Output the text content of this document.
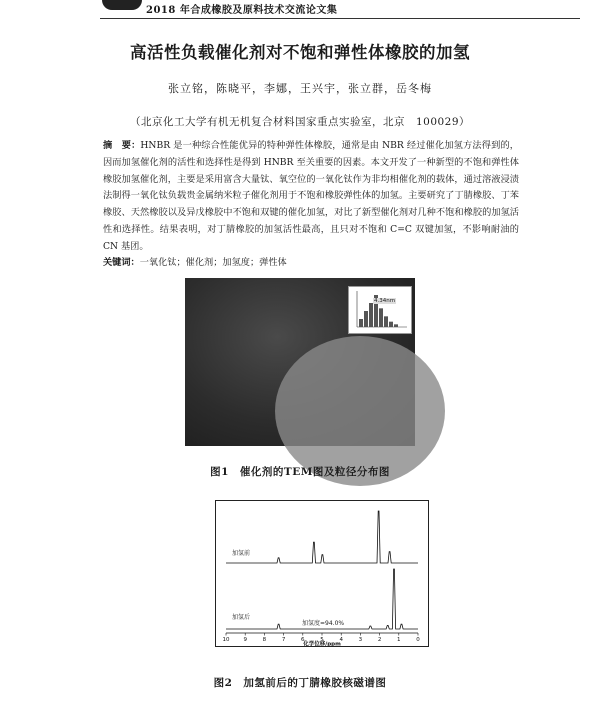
2018 年合成橡胶及原料技术交流论文集
高活性负载催化剂对不饱和弹性体橡胶的加氢
张立铭，陈晓平，李娜，王兴宇，张立群，岳冬梅
（北京化工大学有机无机复合材料国家重点实验室，北京　100029）
摘　要：HNBR 是一种综合性能优异的特种弹性体橡胶，通常是由 NBR 经过催化加氢方法得到的，因而加氢催化剂的活性和选择性是得到 HNBR 至关重要的因素。本文开发了一种新型的不饱和弹性体橡胶加氢催化剂，主要是采用富含大量钛、氧空位的一氧化钛作为非均相催化剂的载体，通过溶液浸渍法制得一氧化钛负载贵金属纳米粒子催化剂用于不饱和橡胶弹性体的加氢。主要研究了丁腈橡胶、丁苯橡胶、天然橡胶以及异戊橡胶中不饱和双键的催化加氢，对比了新型催化剂对几种不饱和橡胶的加氢活性和选择性。结果表明，对丁腈橡胶的加氢活性最高，且只对不饱和 C=C 双键加氢，不影响耐油的 CN 基团。
关键词：一氧化钛；催化剂；加氢度；弹性体
4.34nm
图1　催化剂的TEM图及粒径分布图
加氢前
加氢后
加氢度=94.0%
10	9	8	7	6	5	4	3	2	1	0
化学位移/ppm
图2　加氢前后的丁腈橡胶核磁谱图
